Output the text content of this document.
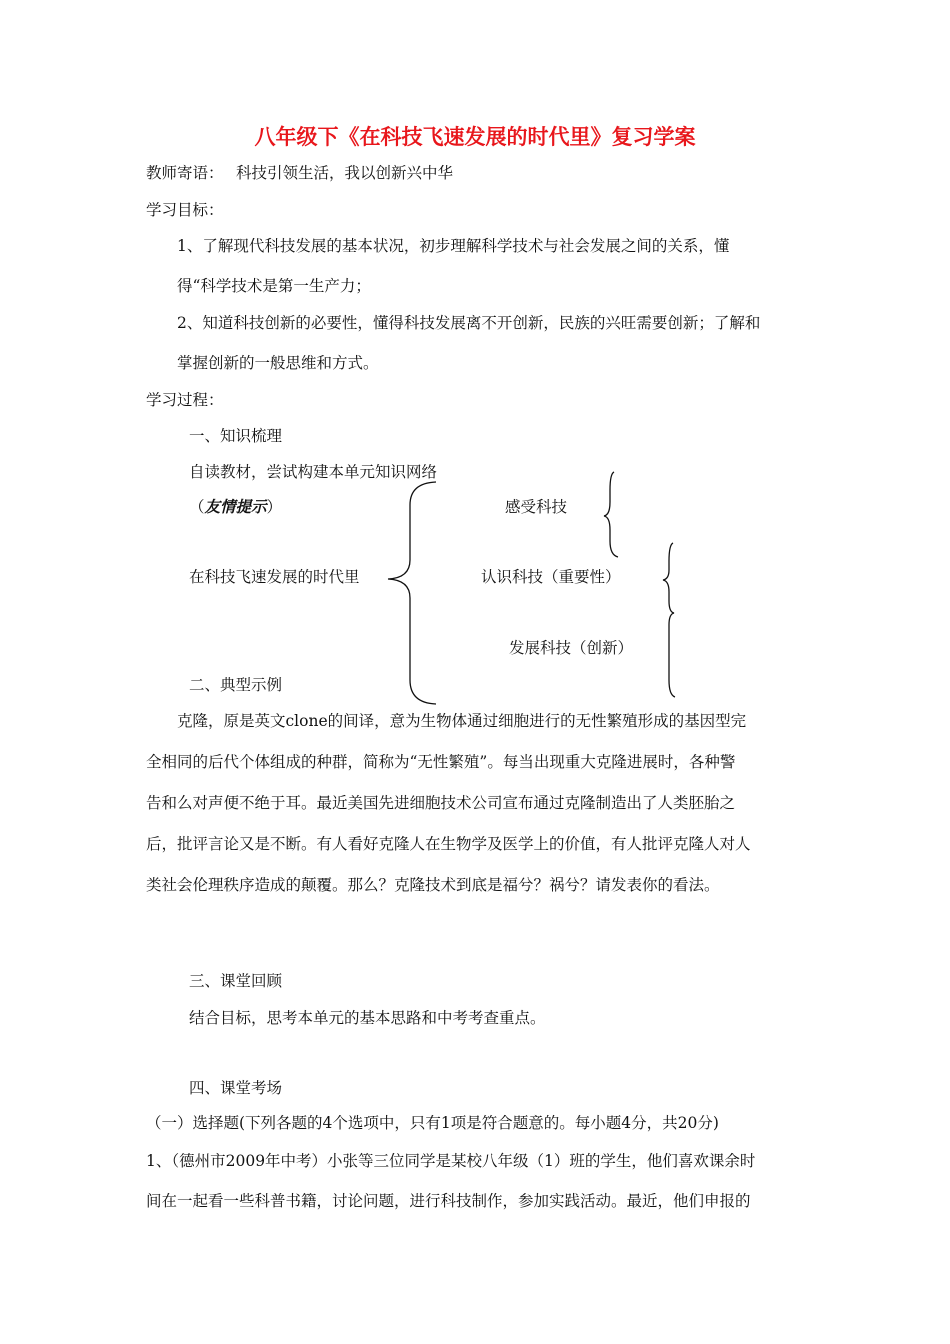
八年级下《在科技飞速发展的时代里》复习学案
教师寄语： 科技引领生活，我以创新兴中华
学习目标：
1、了解现代科技发展的基本状况，初步理解科学技术与社会发展之间的关系，懂
得“科学技术是第一生产力；
2、知道科技创新的必要性，懂得科技发展离不开创新，民族的兴旺需要创新；了解和
掌握创新的一般思维和方式。
学习过程：
一、知识梳理
自读教材，尝试构建本单元知识网络
（友情提示）
在科技飞速发展的时代里
感受科技
认识科技（重要性）
发展科技（创新）
二、典型示例
克隆，原是英文clone的间译，意为生物体通过细胞进行的无性繁殖形成的基因型完
全相同的后代个体组成的种群，简称为“无性繁殖”。每当出现重大克隆进展时，各种警
告和么对声便不绝于耳。最近美国先进细胞技术公司宣布通过克隆制造出了人类胚胎之
后，批评言论又是不断。有人看好克隆人在生物学及医学上的价值，有人批评克隆人对人
类社会伦理秩序造成的颠覆。那么？克隆技术到底是福兮？祸兮？请发表你的看法。
三、课堂回顾
结合目标，思考本单元的基本思路和中考考查重点。
四、课堂考场
（一）选择题(下列各题的4个选项中，只有1项是符合题意的。每小题4分，共20分)
1、（德州市2009年中考）小张等三位同学是某校八年级（1）班的学生，他们喜欢课余时
间在一起看一些科普书籍，讨论问题，进行科技制作，参加实践活动。最近，他们申报的
